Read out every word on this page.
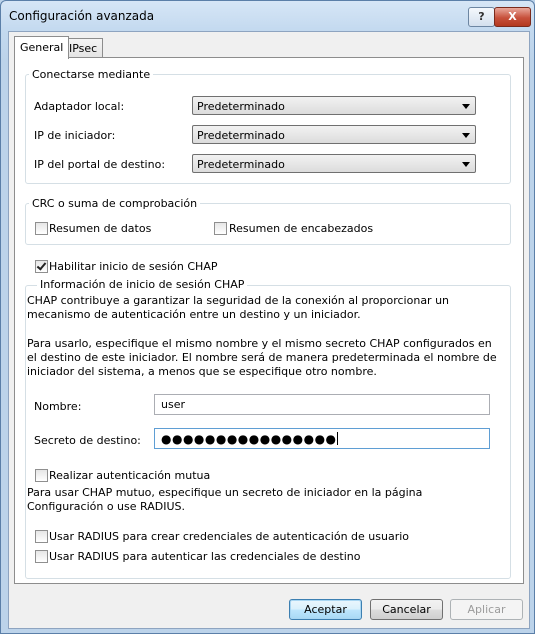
Configuración avanzada	?	X
General IPsec
Conectarse mediante
Adaptador local:	Predeterminado
IP de iniciador:	Predeterminado
IP del portal de destino:	Predeterminado
CRC o suma de comprobación
Resumen de datos	Resumen de encabezados
Habilitar inicio de sesión CHAP
Información de inicio de sesión CHAP
CHAP contribuye a garantizar la seguridad de la conexión al proporcionar un mecanismo de autenticación entre un destino y un iniciador.
Para usarlo, especifique el mismo nombre y el mismo secreto CHAP configurados en el destino de este iniciador. El nombre será de manera predeterminada el nombre de iniciador del sistema, a menos que se especifique otro nombre.
Nombre:	user
Secreto de destino:	●●●●●●●●●●●●●●●●
Realizar autenticación mutua
Para usar CHAP mutuo, especifique un secreto de iniciador en la página Configuración o use RADIUS.
Usar RADIUS para crear credenciales de autenticación de usuario
Usar RADIUS para autenticar las credenciales de destino
Aceptar	Cancelar	Aplicar
